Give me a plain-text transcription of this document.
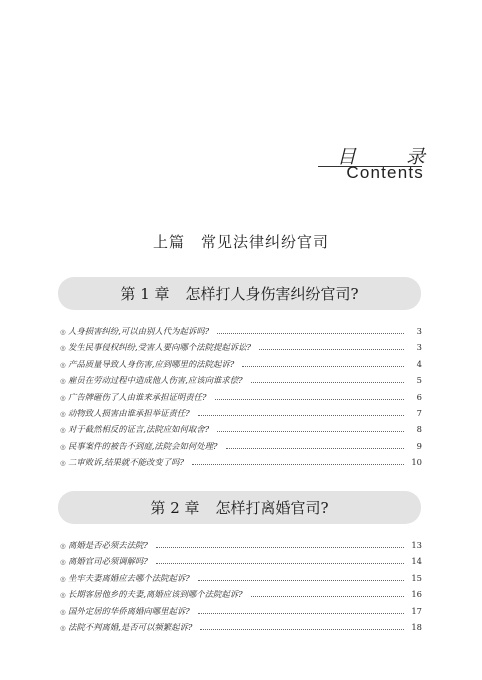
目	录
Contents
上篇　常见法律纠纷官司
第 1 章 怎样打人身伤害纠纷官司?
◎ 人身损害纠纷,可以由别人代为起诉吗?	3
◎ 发生民事侵权纠纷,受害人要向哪个法院提起诉讼?	3
◎ 产品质量导致人身伤害,应到哪里的法院起诉?	4
◎ 雇员在劳动过程中造成他人伤害,应该向谁求偿?	5
◎ 广告牌砸伤了人由谁来承担证明责任?	6
◎ 动物致人损害由谁承担举证责任?	7
◎ 对于截然相反的证言,法院应如何取舍?	8
◎ 民事案件的被告不到庭,法院会如何处理?	9
◎ 二审败诉,结果就不能改变了吗?	10
第 2 章 怎样打离婚官司?
◎ 离婚是否必须去法院?	13
◎ 离婚官司必须调解吗?	14
◎ 坐牢夫妻离婚应去哪个法院起诉?	15
◎ 长期客居他乡的夫妻,离婚应该到哪个法院起诉?	16
◎ 国外定居的华侨离婚向哪里起诉?	17
◎ 法院不判离婚,是否可以频繁起诉?	18
